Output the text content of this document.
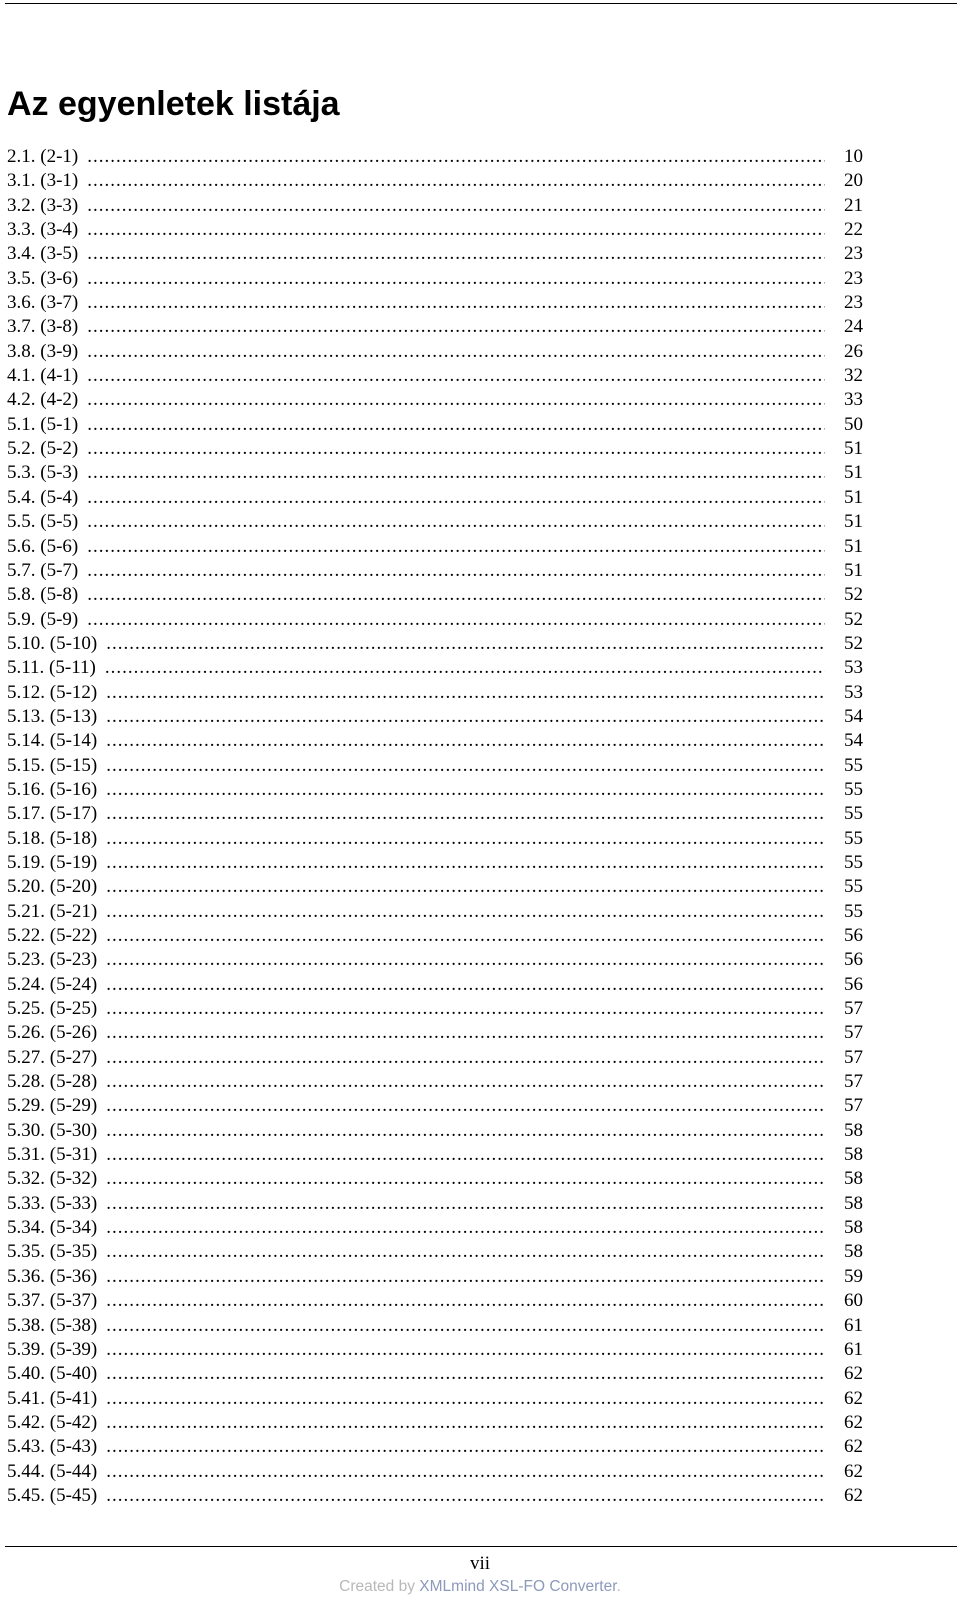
Az egyenletek listája
2.1. (2-1) .....	10
3.1. (3-1) .....	20
3.2. (3-3) .....	21
3.3. (3-4) .....	22
3.4. (3-5) .....	23
3.5. (3-6) .....	23
3.6. (3-7) .....	23
3.7. (3-8) .....	24
3.8. (3-9) .....	26
4.1. (4-1) .....	32
4.2. (4-2) .....	33
5.1. (5-1) .....	50
5.2. (5-2) .....	51
5.3. (5-3) .....	51
5.4. (5-4) .....	51
5.5. (5-5) .....	51
5.6. (5-6) .....	51
5.7. (5-7) .....	51
5.8. (5-8) .....	52
5.9. (5-9) .....	52
5.10. (5-10) .....	52
5.11. (5-11) .....	53
5.12. (5-12) .....	53
5.13. (5-13) .....	54
5.14. (5-14) .....	54
5.15. (5-15) .....	55
5.16. (5-16) .....	55
5.17. (5-17) .....	55
5.18. (5-18) .....	55
5.19. (5-19) .....	55
5.20. (5-20) .....	55
5.21. (5-21) .....	55
5.22. (5-22) .....	56
5.23. (5-23) .....	56
5.24. (5-24) .....	56
5.25. (5-25) .....	57
5.26. (5-26) .....	57
5.27. (5-27) .....	57
5.28. (5-28) .....	57
5.29. (5-29) .....	57
5.30. (5-30) .....	58
5.31. (5-31) .....	58
5.32. (5-32) .....	58
5.33. (5-33) .....	58
5.34. (5-34) .....	58
5.35. (5-35) .....	58
5.36. (5-36) .....	59
5.37. (5-37) .....	60
5.38. (5-38) .....	61
5.39. (5-39) .....	61
5.40. (5-40) .....	62
5.41. (5-41) .....	62
5.42. (5-42) .....	62
5.43. (5-43) .....	62
5.44. (5-44) .....	62
5.45. (5-45) .....	62
vii
Created by XMLmind XSL-FO Converter.
